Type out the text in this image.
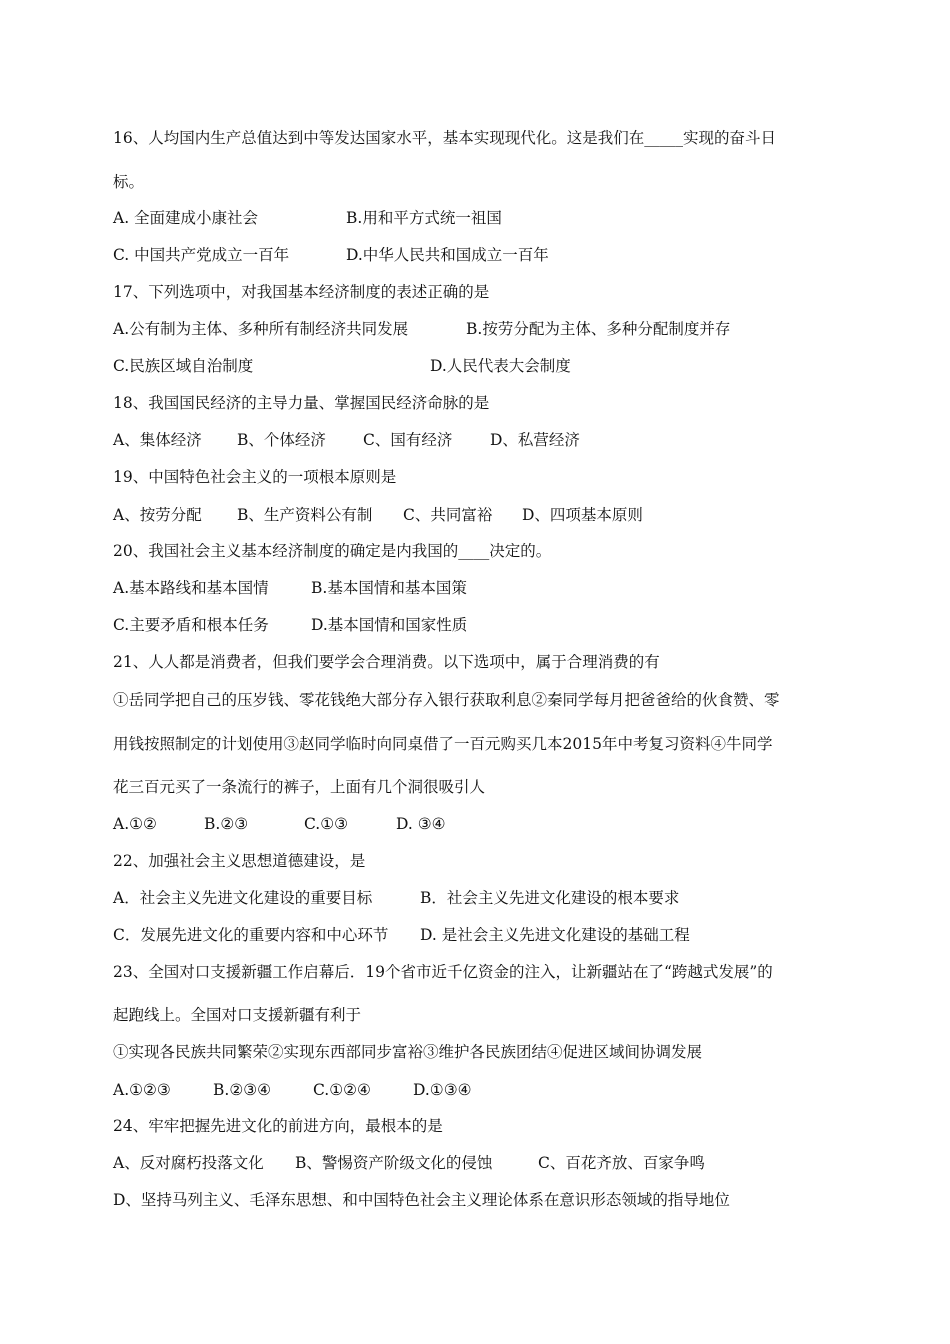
16、人均国内生产总值达到中等发达国家水平，基本实现现代化。这是我们在_____实现的奋斗日
标。
A. 全面建成小康社会	B.用和平方式统一祖国
C. 中国共产党成立一百年	D.中华人民共和国成立一百年
17、下列选项中，对我国基本经济制度的表述正确的是
A.公有制为主体、多种所有制经济共同发展	B.按劳分配为主体、多种分配制度并存
C.民族区域自治制度	D.人民代表大会制度
18、我国国民经济的主导力量、掌握国民经济命脉的是
A、集体经济 B、个体经济 C、国有经济 D、私营经济
19、中国特色社会主义的一项根本原则是
A、按劳分配 B、生产资料公有制 C、共同富裕 D、四项基本原则
20、我国社会主义基本经济制度的确定是内我国的____决定的。
A.基本路线和基本国情	B.基本国情和基本国策
C.主要矛盾和根本任务	D.基本国情和国家性质
21、人人都是消费者，但我们要学会合理消费。以下选项中，属于合理消费的有
①岳同学把自己的压岁钱、零花钱绝大部分存入银行获取利息②秦同学每月把爸爸给的伙食赞、零
用钱按照制定的计划使用③赵同学临时向同桌借了一百元购买几本2015年中考复习资料④牛同学
花三百元买了一条流行的裤子，上面有几个洞很吸引人
A.①②	B.②③	C.①③	D. ③④
22、加强社会主义思想道德建设，是
A．社会主义先进文化建设的重要目标	B．社会主义先进文化建设的根本要求
C．发展先进文化的重要内容和中心环节 D. 是社会主义先进文化建设的基础工程
23、全国对口支援新疆工作启幕后．19个省市近千亿资金的注入，让新疆站在了“跨越式发展”的
起跑线上。全国对口支援新疆有利于
①实现各民族共同繁荣②实现东西部同步富裕③维护各民族团结④促进区域间协调发展
A.①②③	B.②③④	C.①②④	D.①③④
24、牢牢把握先进文化的前进方向，最根本的是
A、反对腐朽投落文化 B、警惕资产阶级文化的侵蚀	C、百花齐放、百家争鸣
D、坚持马列主义、毛泽东思想、和中国特色社会主义理论体系在意识形态领域的指导地位
